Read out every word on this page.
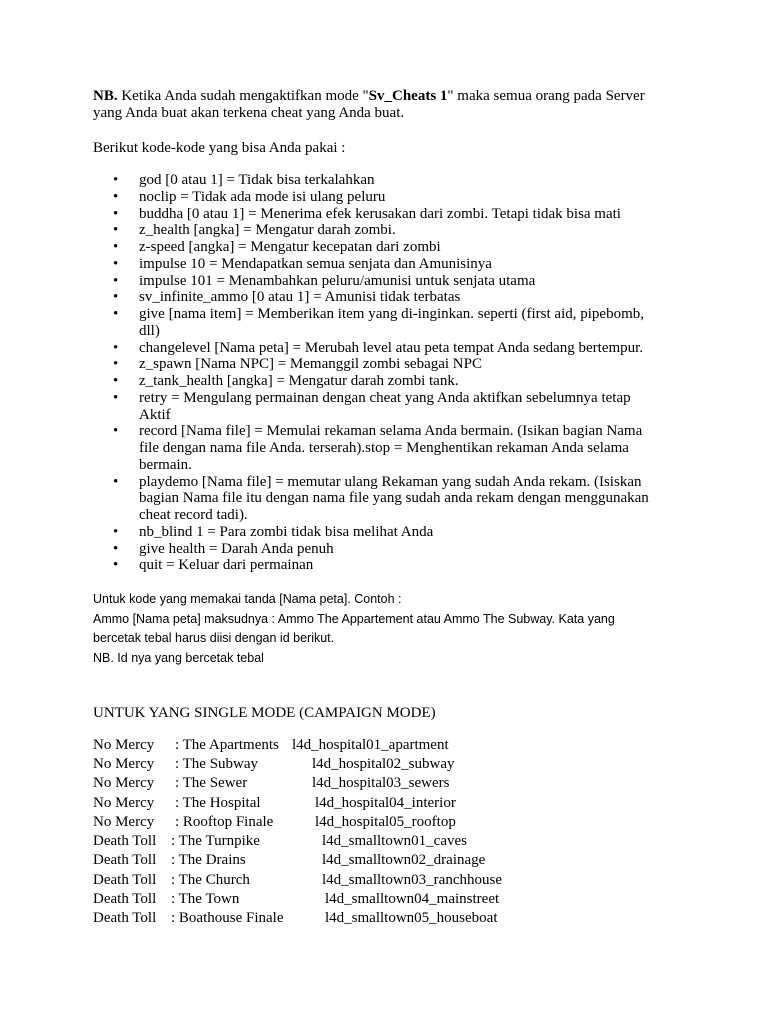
NB. Ketika Anda sudah mengaktifkan mode "Sv_Cheats 1" maka semua orang pada Server
yang Anda buat akan terkena cheat yang Anda buat.
Berikut kode-kode yang bisa Anda pakai :
• god [0 atau 1] = Tidak bisa terkalahkan
• noclip = Tidak ada mode isi ulang peluru
• buddha [0 atau 1] = Menerima efek kerusakan dari zombi. Tetapi tidak bisa mati
• z_health [angka] = Mengatur darah zombi.
• z-speed [angka] = Mengatur kecepatan dari zombi
• impulse 10 = Mendapatkan semua senjata dan Amunisinya
• impulse 101 = Menambahkan peluru/amunisi untuk senjata utama
• sv_infinite_ammo [0 atau 1] = Amunisi tidak terbatas
• give [nama item] = Memberikan item yang di-inginkan. seperti (first aid, pipebomb,
dll)
• changelevel [Nama peta] = Merubah level atau peta tempat Anda sedang bertempur.
• z_spawn [Nama NPC] = Memanggil zombi sebagai NPC
• z_tank_health [angka] = Mengatur darah zombi tank.
• retry = Mengulang permainan dengan cheat yang Anda aktifkan sebelumnya tetap
Aktif
• record [Nama file] = Memulai rekaman selama Anda bermain. (Isikan bagian Nama
file dengan nama file Anda. terserah).stop = Menghentikan rekaman Anda selama
bermain.
• playdemo [Nama file] = memutar ulang Rekaman yang sudah Anda rekam. (Isiskan
bagian Nama file itu dengan nama file yang sudah anda rekam dengan menggunakan
cheat record tadi).
• nb_blind 1 = Para zombi tidak bisa melihat Anda
• give health = Darah Anda penuh
• quit = Keluar dari permainan
Untuk kode yang memakai tanda [Nama peta]. Contoh :
Ammo [Nama peta] maksudnya : Ammo The Appartement atau Ammo The Subway. Kata yang
bercetak tebal harus diisi dengan id berikut.
NB. Id nya yang bercetak tebal
UNTUK YANG SINGLE MODE (CAMPAIGN MODE)
No Mercy : The Apartments l4d_hospital01_apartment
No Mercy : The Subway	l4d_hospital02_subway
No Mercy : The Sewer	l4d_hospital03_sewers
No Mercy : The Hospital	l4d_hospital04_interior
No Mercy : Rooftop Finale	l4d_hospital05_rooftop
Death Toll : The Turnpike	l4d_smalltown01_caves
Death Toll : The Drains	l4d_smalltown02_drainage
Death Toll : The Church	l4d_smalltown03_ranchhouse
Death Toll : The Town	l4d_smalltown04_mainstreet
Death Toll : Boathouse Finale	l4d_smalltown05_houseboat
